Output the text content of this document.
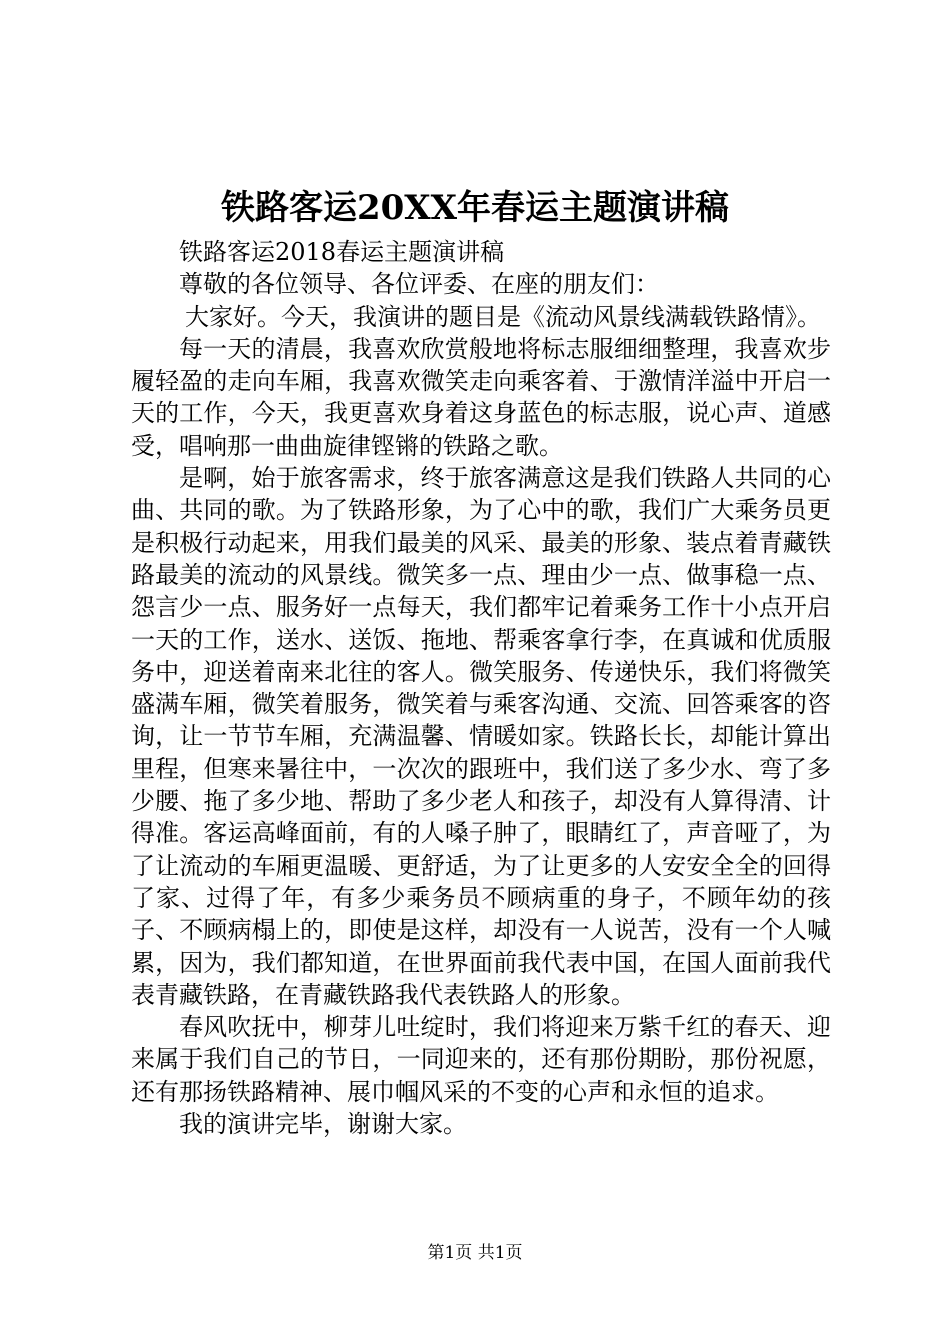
铁路客运20XX年春运主题演讲稿

铁路客运2018春运主题演讲稿

尊敬的各位领导、各位评委、在座的朋友们：

大家好。今天，我演讲的题目是《流动风景线满载铁路情》。

每一天的清晨，我喜欢欣赏般地将标志服细细整理，我喜欢步履轻盈的走向车厢，我喜欢微笑走向乘客着、于激情洋溢中开启一天的工作，今天，我更喜欢身着这身蓝色的标志服，说心声、道感受，唱响那一曲曲旋律铿锵的铁路之歌。

是啊，始于旅客需求，终于旅客满意这是我们铁路人共同的心曲、共同的歌。为了铁路形象，为了心中的歌，我们广大乘务员更是积极行动起来，用我们最美的风采、最美的形象、装点着青藏铁路最美的流动的风景线。微笑多一点、理由少一点、做事稳一点、怨言少一点、服务好一点每天，我们都牢记着乘务工作十小点开启一天的工作，送水、送饭、拖地、帮乘客拿行李，在真诚和优质服务中，迎送着南来北往的客人。微笑服务、传递快乐，我们将微笑盛满车厢，微笑着服务，微笑着与乘客沟通、交流、回答乘客的咨询，让一节节车厢，充满温馨、情暖如家。铁路长长，却能计算出里程，但寒来暑往中，一次次的跟班中，我们送了多少水、弯了多少腰、拖了多少地、帮助了多少老人和孩子，却没有人算得清、计得准。客运高峰面前，有的人嗓子肿了，眼睛红了，声音哑了，为了让流动的车厢更温暖、更舒适，为了让更多的人安安全全的回得了家、过得了年，有多少乘务员不顾病重的身子，不顾年幼的孩子、不顾病榻上的，即使是这样，却没有一人说苦，没有一个人喊累，因为，我们都知道，在世界面前我代表中国，在国人面前我代表青藏铁路，在青藏铁路我代表铁路人的形象。

春风吹抚中，柳芽儿吐绽时，我们将迎来万紫千红的春天、迎来属于我们自己的节日，一同迎来的，还有那份期盼，那份祝愿，还有那扬铁路精神、展巾帼风采的不变的心声和永恒的追求。

我的演讲完毕，谢谢大家。

第1页 共1页
